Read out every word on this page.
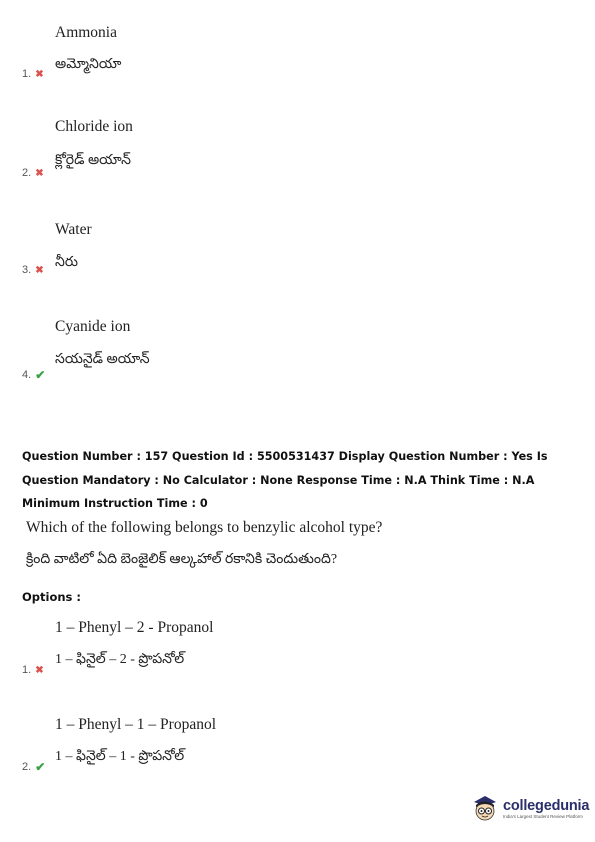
Ammonia
అమ్మోనియా
1. ✖
Chloride ion
క్లోరైడ్ అయాన్
2. ✖
Water
నీరు
3. ✖
Cyanide ion
సయనైడ్ అయాన్
4. ✔
Question Number : 157 Question Id : 5500531437 Display Question Number : Yes Is Question Mandatory : No Calculator : None Response Time : N.A Think Time : N.A Minimum Instruction Time : 0
Which of the following belongs to benzylic alcohol type?
క్రింది వాటిలో ఏది బెంజైలిక్ ఆల్కహాల్ రకానికి చెందుతుంది?
Options :
1 – Phenyl – 2 - Propanol
1 – ఫినైల్ – 2 - ప్రొపనోల్
1. ✖
1 – Phenyl – 1 – Propanol
1 – ఫినైల్ – 1 - ప్రొపనోల్
2. ✔
collegedunia
India's Largest Student Review Platform
